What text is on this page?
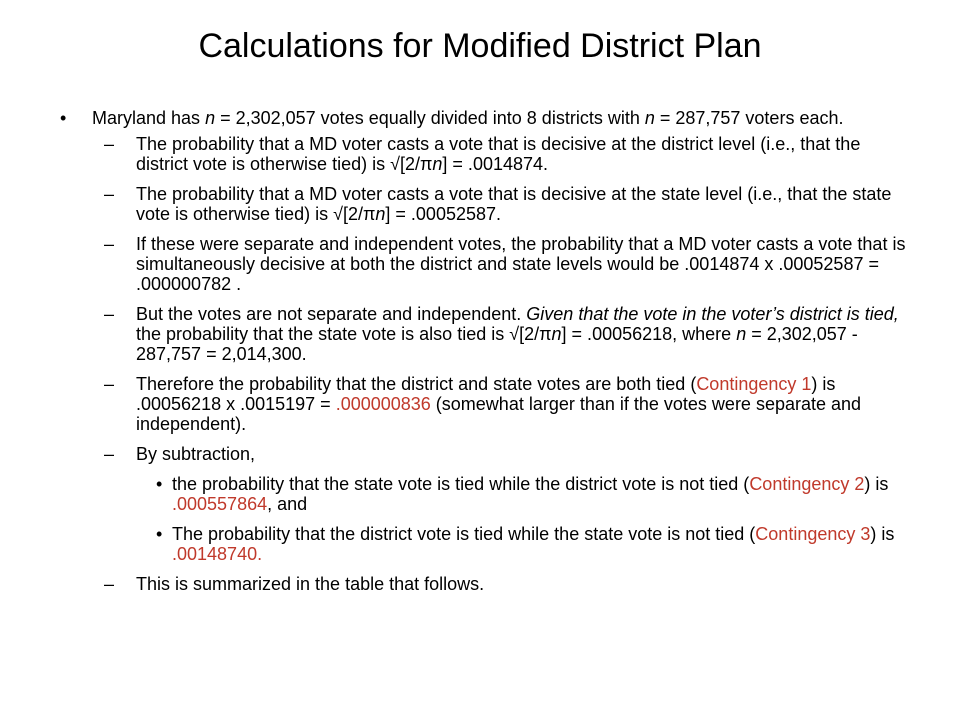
Calculations for Modified District Plan
• Maryland has n = 2,302,057 votes equally divided into 8 districts with n = 287,757 voters each.
– The probability that a MD voter casts a vote that is decisive at the district level (i.e., that the district vote is otherwise tied) is √[2/πn] = .0014874.
– The probability that a MD voter casts a vote that is decisive at the state level (i.e., that the state vote is otherwise tied) is √[2/πn] = .00052587.
– If these were separate and independent votes, the probability that a MD voter casts a vote that is simultaneously decisive at both the district and state levels would be .0014874 x .00052587 = .000000782 .
– But the votes are not separate and independent. Given that the vote in the voter’s district is tied, the probability that the state vote is also tied is √[2/πn] = .00056218, where n = 2,302,057 - 287,757 = 2,014,300.
– Therefore the probability that the district and state votes are both tied (Contingency 1) is .00056218 x .0015197 = .000000836 (somewhat larger than if the votes were separate and independent).
– By subtraction,
• the probability that the state vote is tied while the district vote is not tied (Contingency 2) is .000557864, and
• The probability that the district vote is tied while the state vote is not tied (Contingency 3) is .00148740.
– This is summarized in the table that follows.
